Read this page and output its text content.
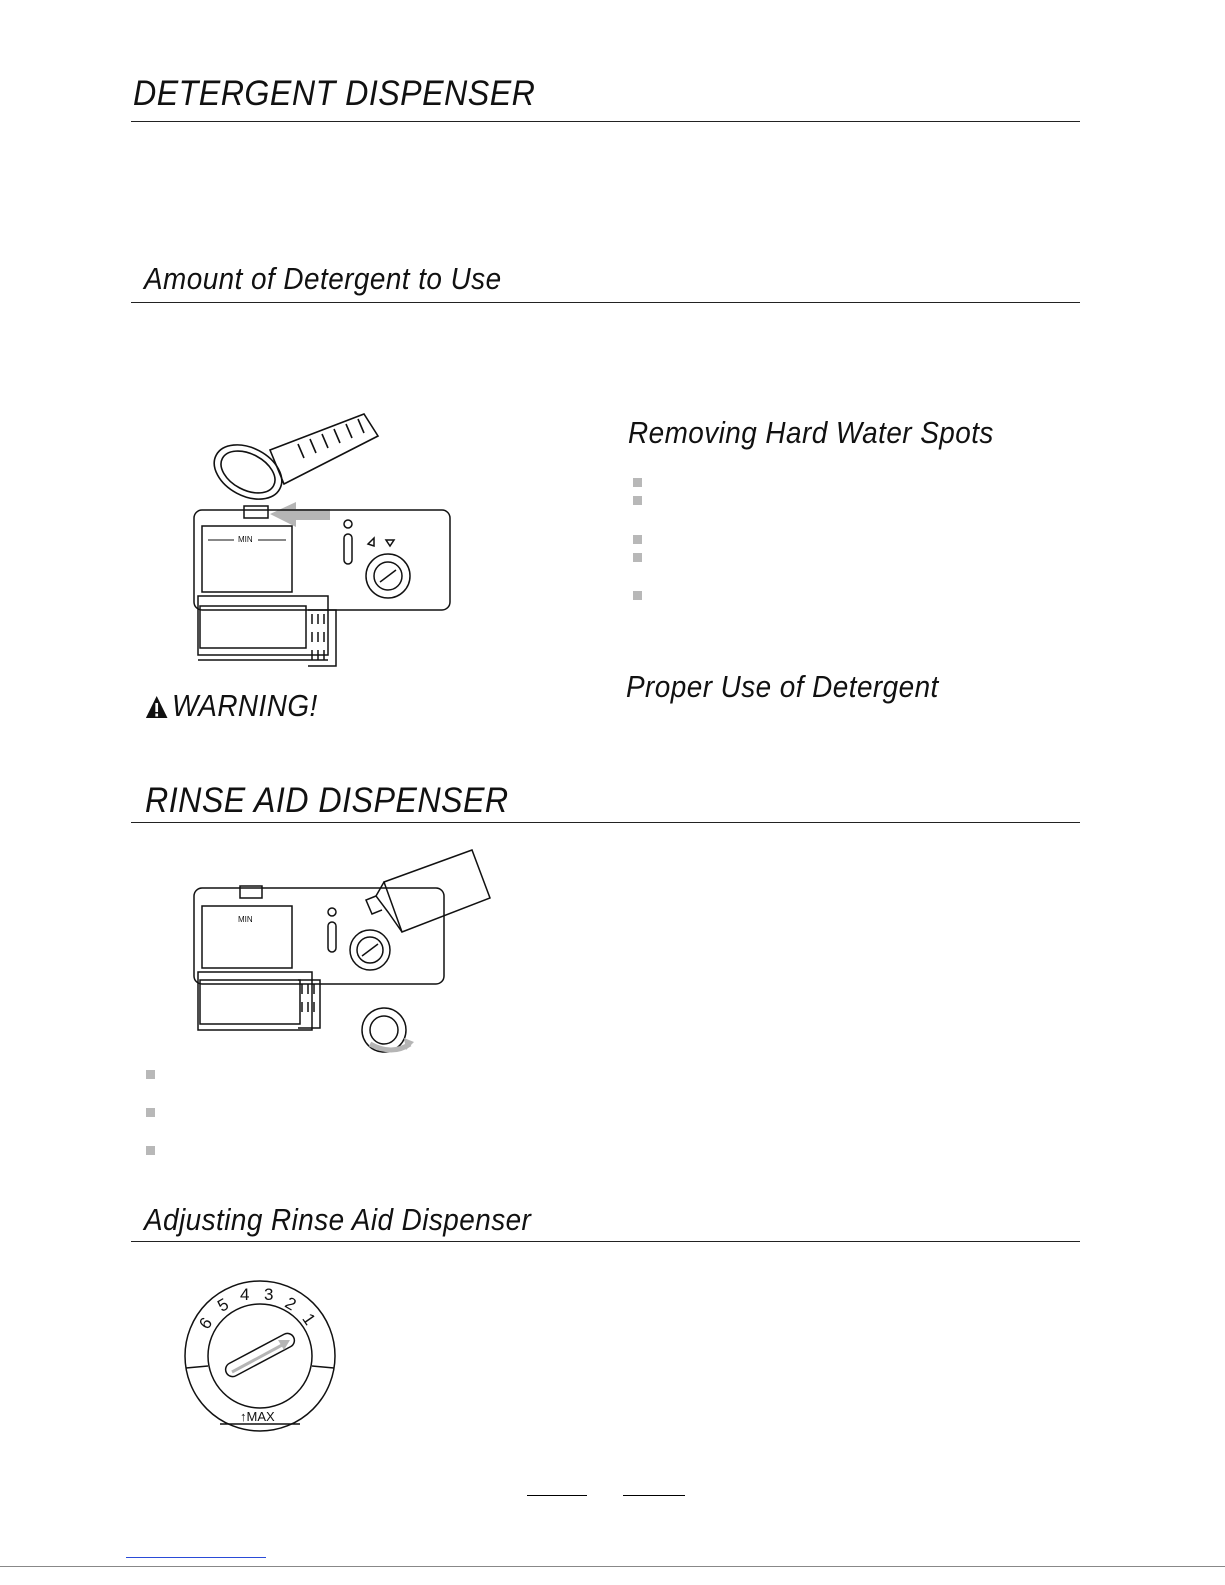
DETERGENT DISPENSER
Amount of Detergent to Use
MIN
WARNING!
Removing Hard Water Spots
Proper Use of Detergent
RINSE AID DISPENSER
MIN
Adjusting Rinse Aid Dispenser
6
5 4 3 2
1
↑MAX
